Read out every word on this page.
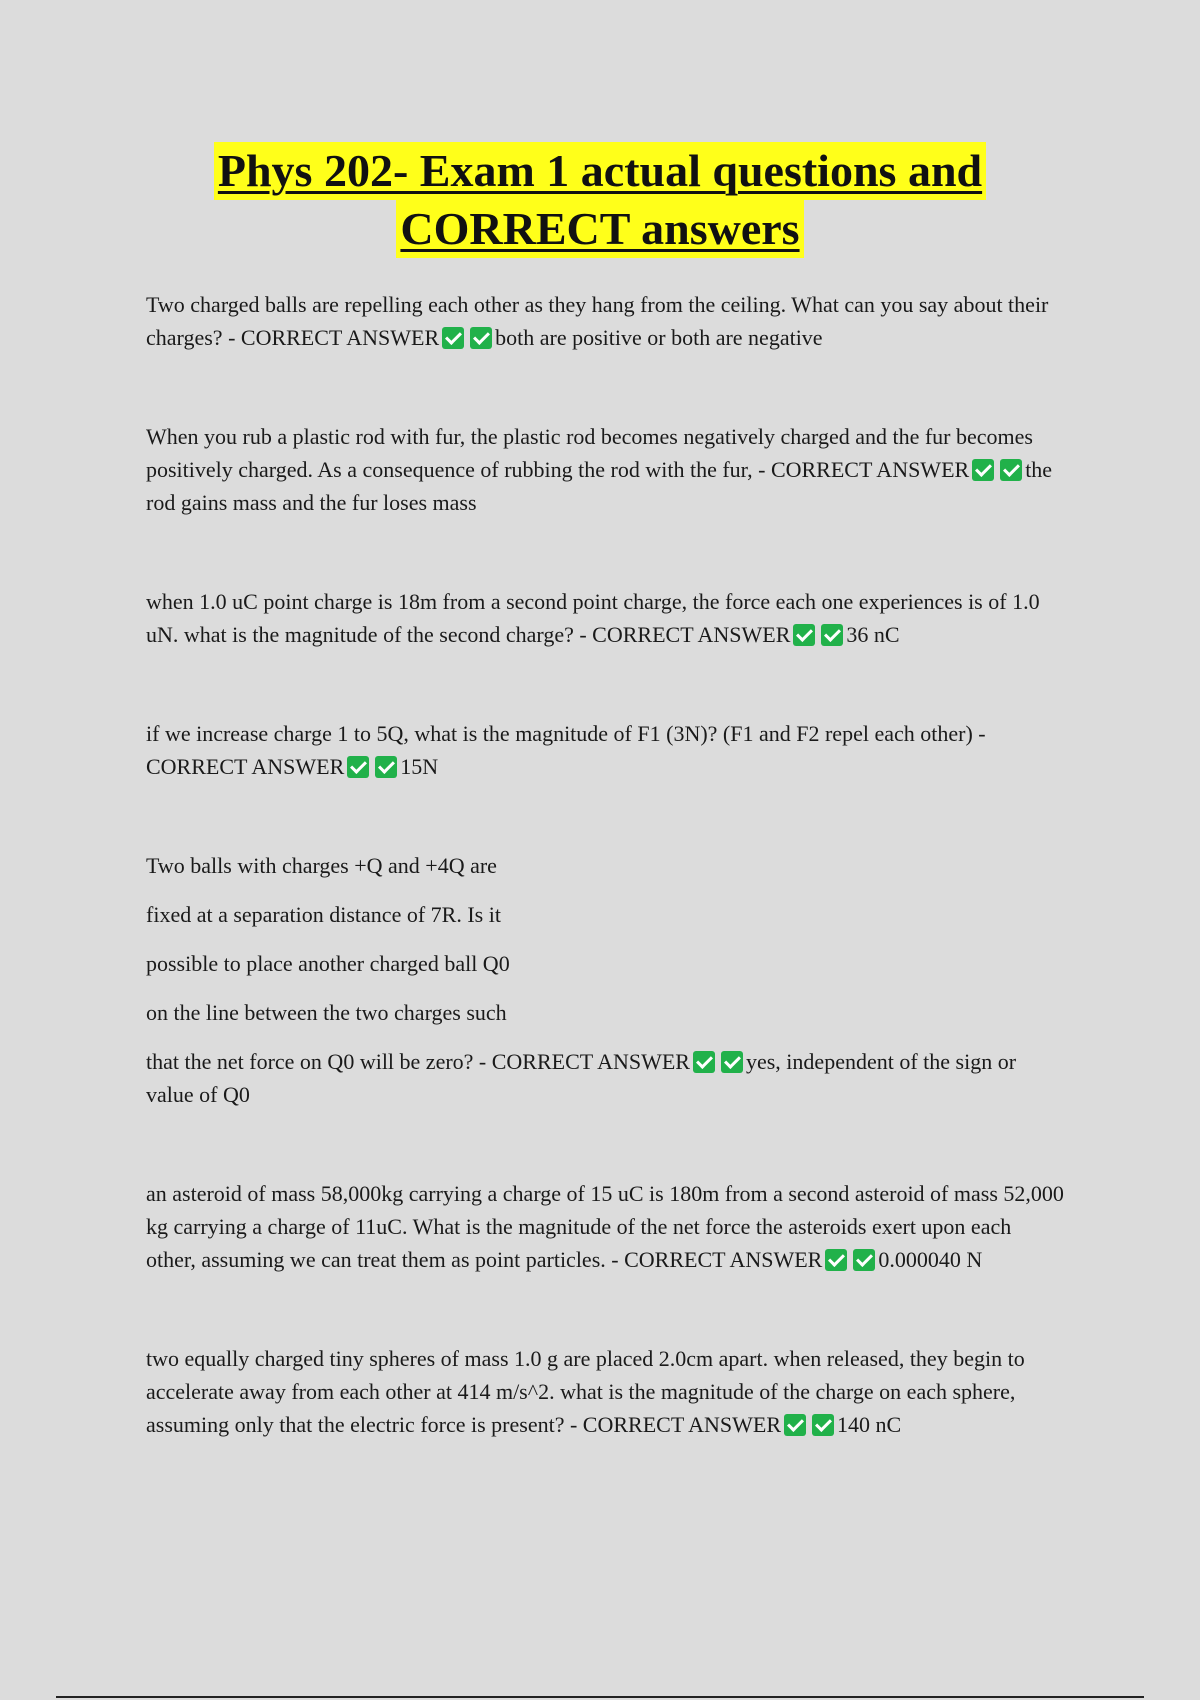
Phys 202- Exam 1 actual questions and
CORRECT answers
Two charged balls are repelling each other as they hang from the ceiling. What can you say about their charges? - CORRECT ANSWER	both are positive or both are negative
When you rub a plastic rod with fur, the plastic rod becomes negatively charged and the fur becomes positively charged. As a consequence of rubbing the rod with the fur, - CORRECT ANSWER	the rod gains mass and the fur loses mass
when 1.0 uC point charge is 18m from a second point charge, the force each one experiences is of 1.0 uN. what is the magnitude of the second charge? - CORRECT ANSWER	36 nC
if we increase charge 1 to 5Q, what is the magnitude of F1 (3N)? (F1 and F2 repel each other) - CORRECT ANSWER	15N
Two balls with charges +Q and +4Q are
fixed at a separation distance of 7R. Is it
possible to place another charged ball Q0
on the line between the two charges such
that the net force on Q0 will be zero? - CORRECT ANSWER	yes, independent of the sign or value of Q0
an asteroid of mass 58,000kg carrying a charge of 15 uC is 180m from a second asteroid of mass 52,000 kg carrying a charge of 11uC. What is the magnitude of the net force the asteroids exert upon each other, assuming we can treat them as point particles. - CORRECT ANSWER	0.000040 N
two equally charged tiny spheres of mass 1.0 g are placed 2.0cm apart. when released, they begin to accelerate away from each other at 414 m/s^2. what is the magnitude of the charge on each sphere, assuming only that the electric force is present? - CORRECT ANSWER	140 nC
